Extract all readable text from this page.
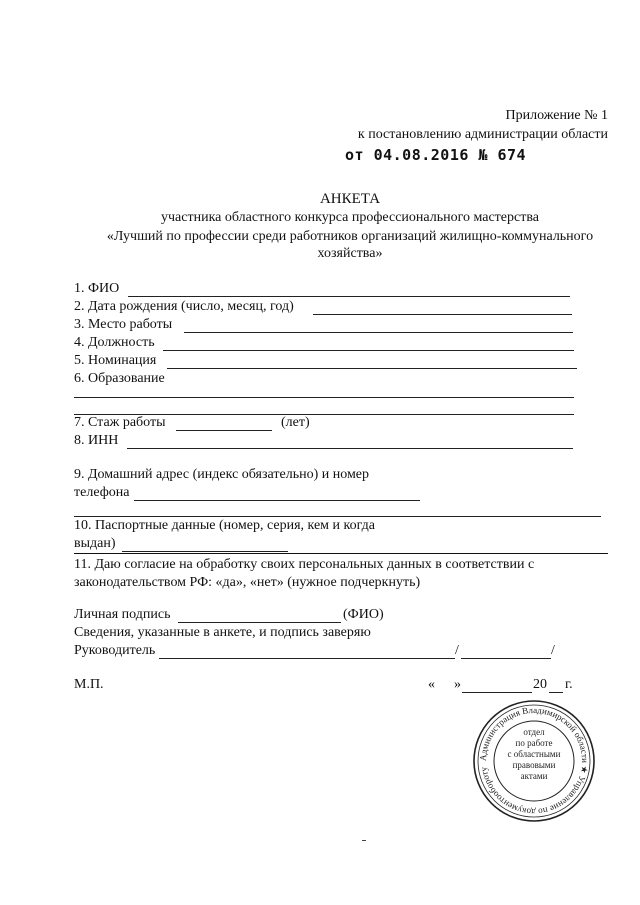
Приложение № 1
к постановлению администрации области
от 04.08.2016 № 674
АНКЕТА
участника областного конкурса профессионального мастерства
«Лучший по профессии среди работников организаций жилищно-коммунального
хозяйства»
1. ФИО
2. Дата рождения (число, месяц, год)
3. Место работы
4. Должность
5. Номинация
6. Образование
7. Стаж работы	(лет)
8. ИНН
9. Домашний адрес (индекс обязательно) и номер
телефона
10. Паспортные данные (номер, серия, кем и когда
выдан)
11. Даю согласие на обработку своих персональных данных в соответствии с
законодательством РФ: «да», «нет» (нужное подчеркнуть)
Личная подпись	(ФИО)
Сведения, указанные в анкете, и подпись заверяю
Руководитель	/	/
М.П.	« »	20 г.
Администрация Владимирской области ★ Управление по документообороту
отдел
по работе
с областными
правовыми
актами
